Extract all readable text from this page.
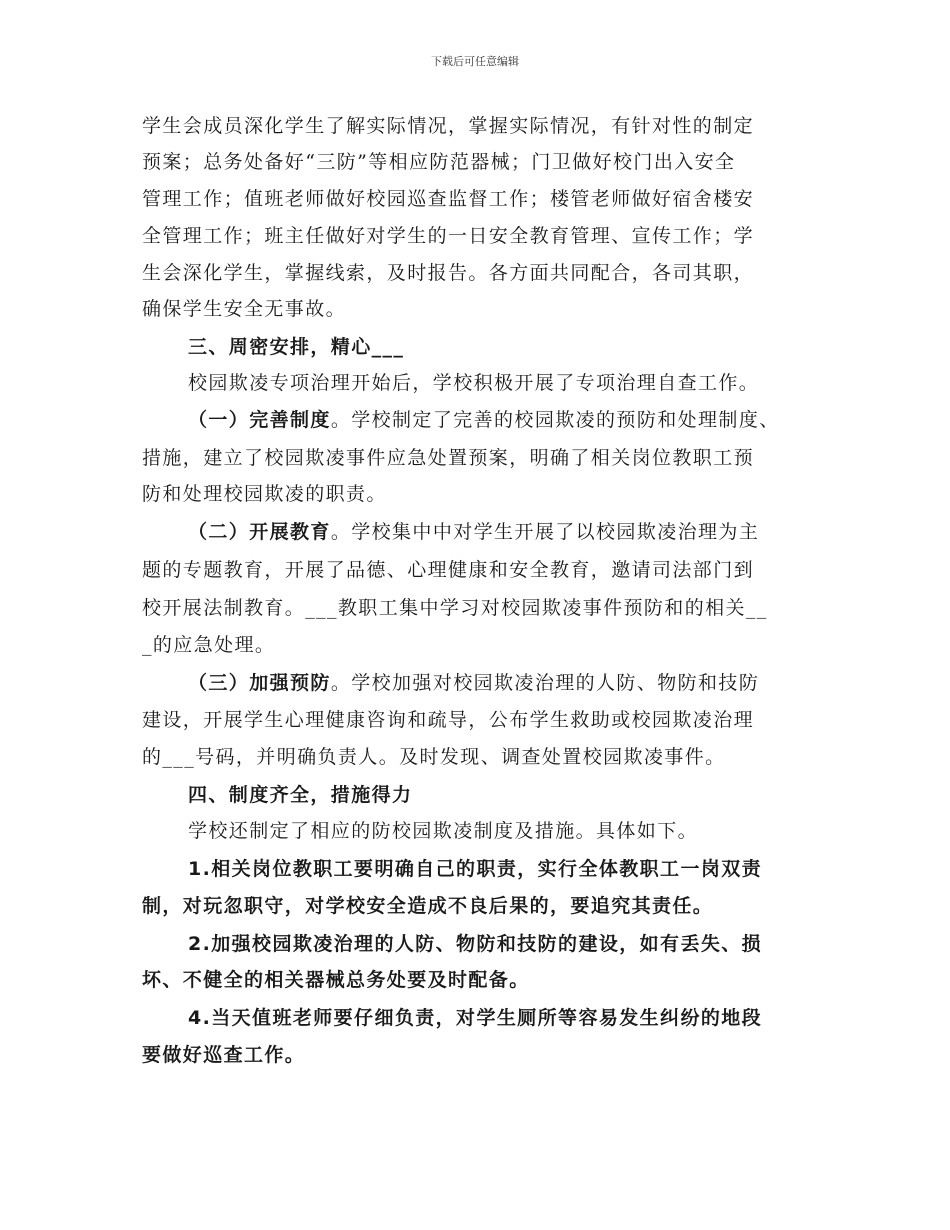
下载后可任意编辑
学生会成员深化学生了解实际情况，掌握实际情况，有针对性的制定
预案；总务处备好“三防”等相应防范器械；门卫做好校门出入安全
管理工作；值班老师做好校园巡查监督工作；楼管老师做好宿舍楼安
全管理工作；班主任做好对学生的一日安全教育管理、宣传工作；学
生会深化学生，掌握线索，及时报告。各方面共同配合，各司其职，
确保学生安全无事故。
三、周密安排，精心___
校园欺凌专项治理开始后，学校积极开展了专项治理自查工作。
（一）完善制度。学校制定了完善的校园欺凌的预防和处理制度、
措施，建立了校园欺凌事件应急处置预案，明确了相关岗位教职工预
防和处理校园欺凌的职责。
（二）开展教育。学校集中中对学生开展了以校园欺凌治理为主
题的专题教育，开展了品德、心理健康和安全教育，邀请司法部门到
校开展法制教育。___教职工集中学习对校园欺凌事件预防和的相关__
_的应急处理。
（三）加强预防。学校加强对校园欺凌治理的人防、物防和技防
建设，开展学生心理健康咨询和疏导，公布学生救助或校园欺凌治理
的___号码，并明确负责人。及时发现、调查处置校园欺凌事件。
四、制度齐全，措施得力
学校还制定了相应的防校园欺凌制度及措施。具体如下。
1.相关岗位教职工要明确自己的职责，实行全体教职工一岗双责
制，对玩忽职守，对学校安全造成不良后果的，要追究其责任。
2.加强校园欺凌治理的人防、物防和技防的建设，如有丢失、损
坏、不健全的相关器械总务处要及时配备。
4.当天值班老师要仔细负责，对学生厕所等容易发生纠纷的地段
要做好巡查工作。
